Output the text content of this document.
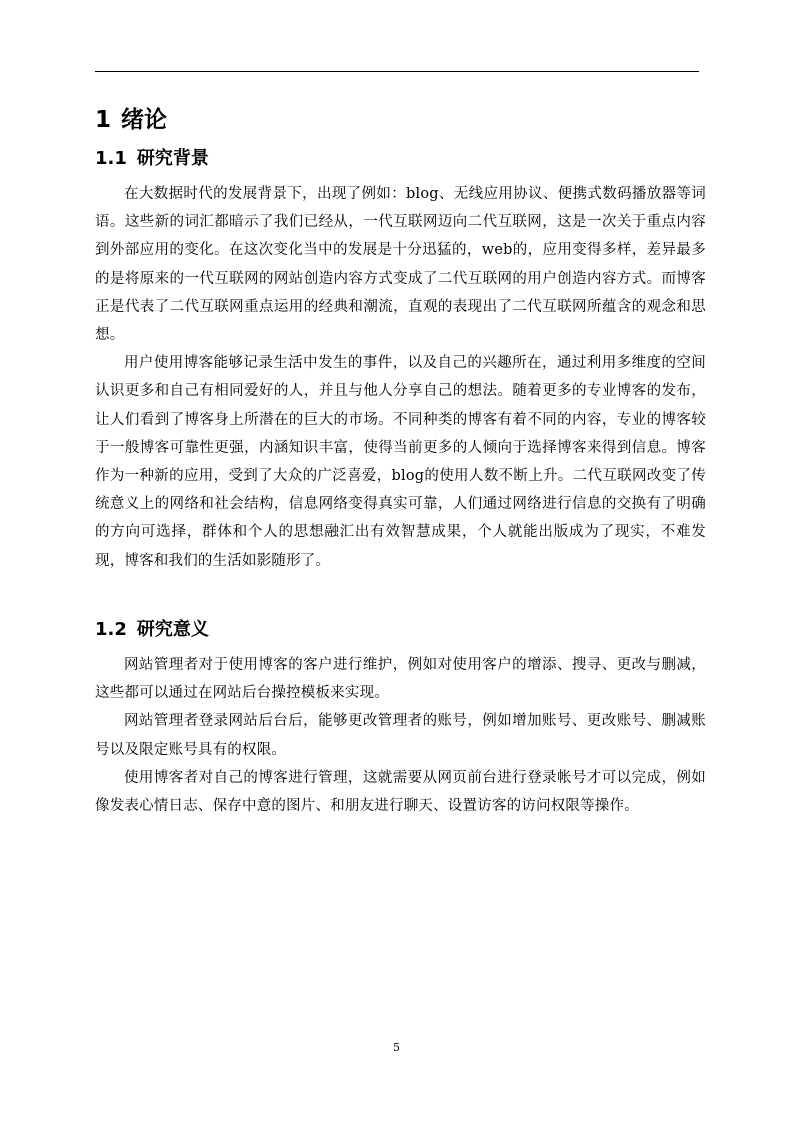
1 绪论
1.1 研究背景

在大数据时代的发展背景下，出现了例如：blog、无线应用协议、便携式数码播放器等词语。这些新的词汇都暗示了我们已经从，一代互联网迈向二代互联网，这是一次关于重点内容到外部应用的变化。在这次变化当中的发展是十分迅猛的，web的，应用变得多样，差异最多的是将原来的一代互联网的网站创造内容方式变成了二代互联网的用户创造内容方式。而博客正是代表了二代互联网重点运用的经典和潮流，直观的表现出了二代互联网所蕴含的观念和思想。

用户使用博客能够记录生活中发生的事件，以及自己的兴趣所在，通过利用多维度的空间认识更多和自己有相同爱好的人，并且与他人分享自己的想法。随着更多的专业博客的发布，让人们看到了博客身上所潜在的巨大的市场。不同种类的博客有着不同的内容，专业的博客较于一般博客可靠性更强，内涵知识丰富，使得当前更多的人倾向于选择博客来得到信息。博客作为一种新的应用，受到了大众的广泛喜爱，blog的使用人数不断上升。二代互联网改变了传统意义上的网络和社会结构，信息网络变得真实可靠，人们通过网络进行信息的交换有了明确的方向可选择，群体和个人的思想融汇出有效智慧成果，个人就能出版成为了现实，不难发现，博客和我们的生活如影随形了。

1.2 研究意义

网站管理者对于使用博客的客户进行维护，例如对使用客户的增添、搜寻、更改与删减，这些都可以通过在网站后台操控模板来实现。

网站管理者登录网站后台后，能够更改管理者的账号，例如增加账号、更改账号、删减账号以及限定账号具有的权限。

使用博客者对自己的博客进行管理，这就需要从网页前台进行登录帐号才可以完成，例如像发表心情日志、保存中意的图片、和朋友进行聊天、设置访客的访问权限等操作。

5
